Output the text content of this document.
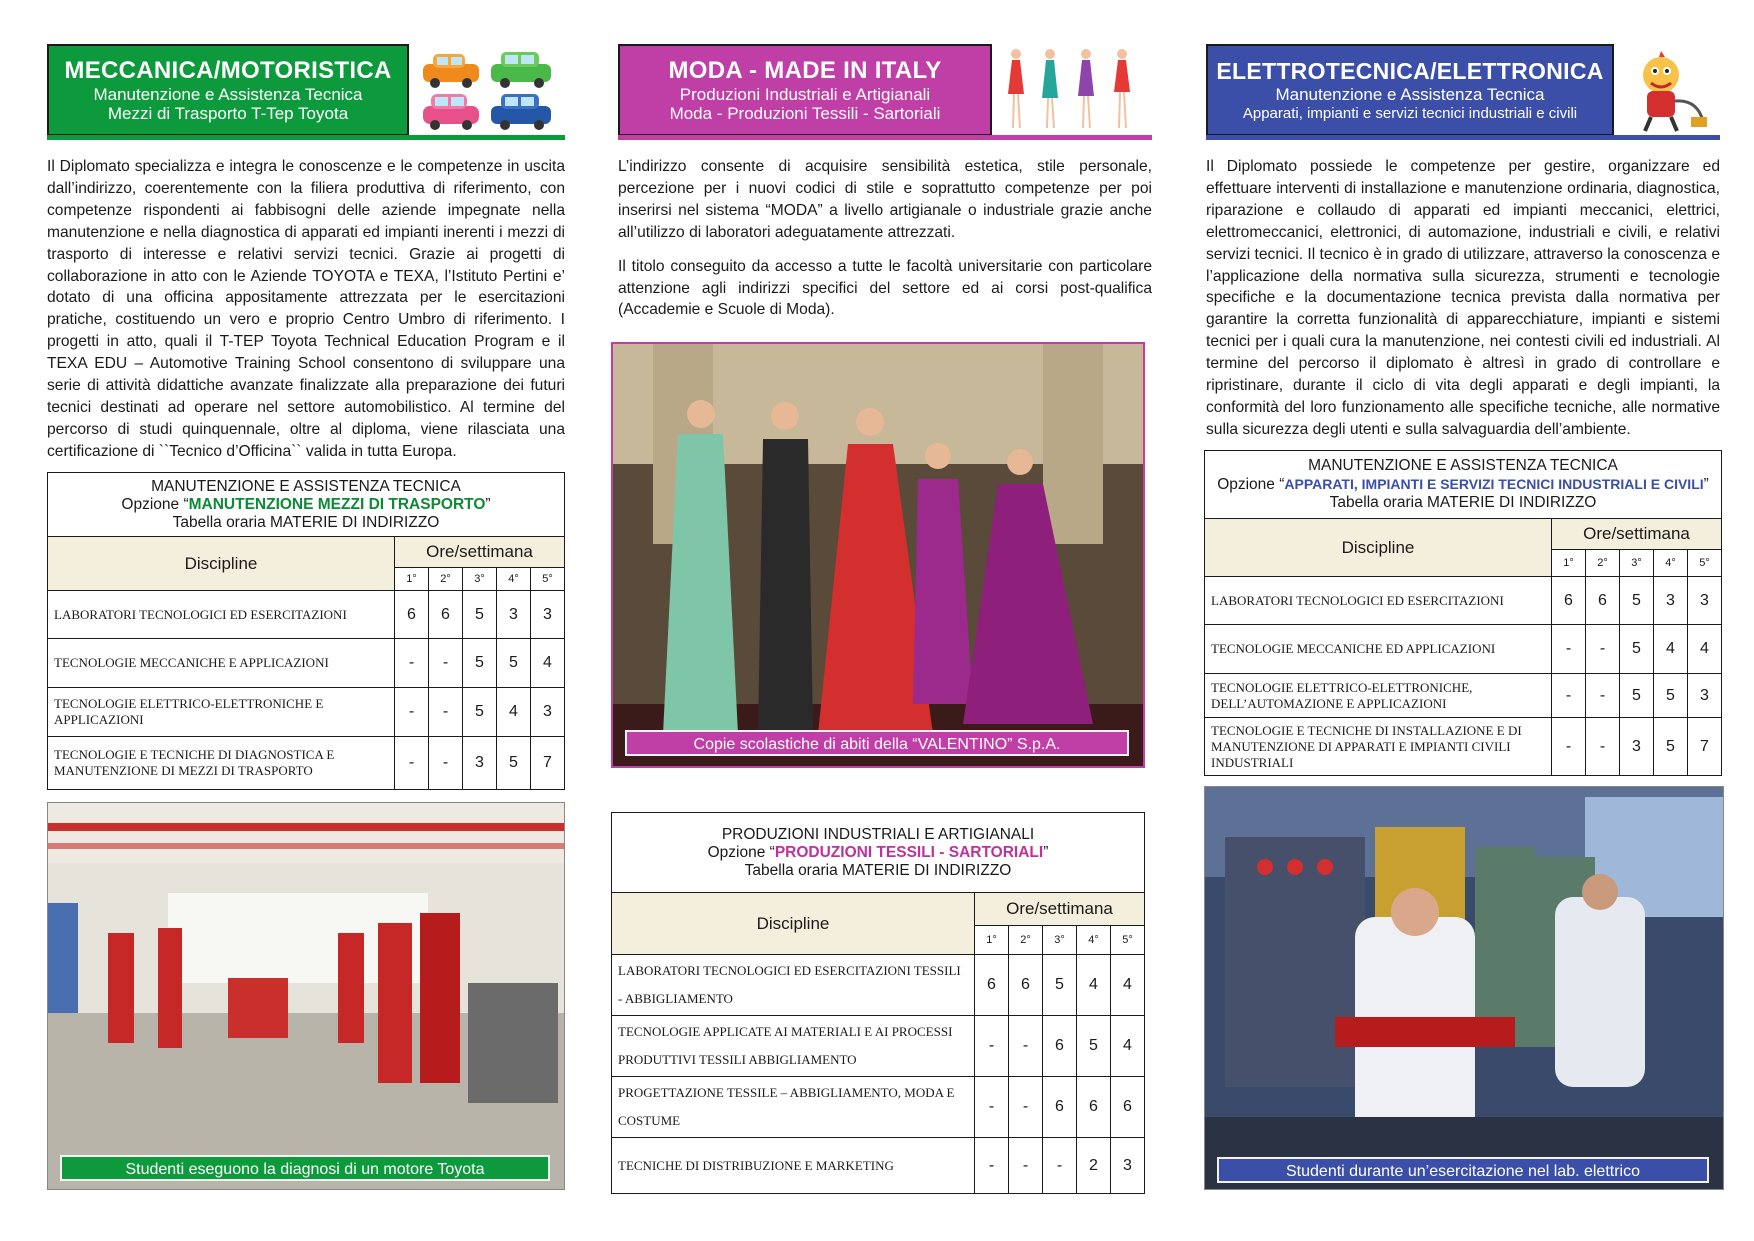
MECCANICA/MOTORISTICA
Manutenzione e Assistenza Tecnica
Mezzi di Trasporto T-Tep Toyota

Il Diplomato specializza e integra le conoscenze e le competenze in uscita dall’indirizzo, coerentemente con la filiera produttiva di riferimento, con competenze rispondenti ai fabbisogni delle aziende impegnate nella manutenzione e nella diagnostica di apparati ed impianti inerenti i mezzi di trasporto di interesse e relativi servizi tecnici. Grazie ai progetti di collaborazione in atto con le Aziende TOYOTA e TEXA, l’Istituto Pertini e’ dotato di una officina appositamente attrezzata per le esercitazioni pratiche, costituendo un vero e proprio Centro Umbro di riferimento. I progetti in atto, quali il T-TEP Toyota Technical Education Program e il TEXA EDU – Automotive Training School consentono di sviluppare una serie di attività didattiche avanzate finalizzate alla preparazione dei futuri tecnici destinati ad operare nel settore automobilistico. Al termine del percorso di studi quinquennale, oltre al diploma, viene rilasciata una certificazione di ``Tecnico d’Officina`` valida in tutta Europa.

MANUTENZIONE E ASSISTENZA TECNICA
Opzione “MANUTENZIONE MEZZI DI TRASPORTO”
Tabella oraria MATERIE DI INDIRIZZO					

Discipline	Ore/settimana				
	1°	2°	3°	4°	5°
LABORATORI TECNOLOGICI ED ESERCITAZIONI	6	6	5	3	3
TECNOLOGIE MECCANICHE E APPLICAZIONI	-	-	5	5	4
TECNOLOGIE ELETTRICO-ELETTRONICHE E APPLICAZIONI	-	-	5	4	3
TECNOLOGIE E TECNICHE DI DIAGNOSTICA E MANUTENZIONE DI MEZZI DI TRASPORTO	-	-	3	5	7
Studenti eseguono la diagnosi di un motore Toyota
MODA - MADE IN ITALY
Produzioni Industriali e Artigianali
Moda - Produzioni Tessili - Sartoriali

L’indirizzo consente di acquisire sensibilità estetica, stile personale, percezione per i nuovi codici di stile e soprattutto competenze per poi inserirsi nel sistema “MODA” a livello artigianale o industriale grazie anche all’utilizzo di laboratori adeguatamente attrezzati.

Il titolo conseguito da accesso a tutte le facoltà universitarie con particolare attenzione agli indirizzi specifici del settore ed ai corsi post-qualifica (Accademie e Scuole di Moda).

Copie scolastiche di abiti della “VALENTINO” S.p.A.
PRODUZIONI INDUSTRIALI E ARTIGIANALI
Opzione “PRODUZIONI TESSILI - SARTORIALI”
Tabella oraria MATERIE DI INDIRIZZO					

Discipline	Ore/settimana				
	1°	2°	3°	4°	5°
LABORATORI TECNOLOGICI ED ESERCITAZIONI TESSILI - ABBIGLIAMENTO	6	6	5	4	4
TECNOLOGIE APPLICATE AI MATERIALI E AI PROCESSI PRODUTTIVI TESSILI ABBIGLIAMENTO	-	-	6	5	4
PROGETTAZIONE TESSILE – ABBIGLIAMENTO, MODA E COSTUME	-	-	6	6	6
TECNICHE DI DISTRIBUZIONE E MARKETING	-	-	-	2	3
ELETTROTECNICA/ELETTRONICA
Manutenzione e Assistenza Tecnica
Apparati, impianti e servizi tecnici industriali e civili

Il Diplomato possiede le competenze per gestire, organizzare ed effettuare interventi di installazione e manutenzione ordinaria, diagnostica, riparazione e collaudo di apparati ed impianti meccanici, elettrici, elettromeccanici, elettronici, di automazione, industriali e civili, e relativi servizi tecnici. Il tecnico è in grado di utilizzare, attraverso la conoscenza e l’applicazione della normativa sulla sicurezza, strumenti e tecnologie specifiche e la documentazione tecnica prevista dalla normativa per garantire la corretta funzionalità di apparecchiature, impianti e sistemi tecnici per i quali cura la manutenzione, nei contesti civili ed industriali. Al termine del percorso il diplomato è altresì in grado di controllare e ripristinare, durante il ciclo di vita degli apparati e degli impianti, la conformità del loro funzionamento alle specifiche tecniche, alle normative sulla sicurezza degli utenti e sulla salvaguardia dell’ambiente.

MANUTENZIONE E ASSISTENZA TECNICA
Opzione “APPARATI, IMPIANTI E SERVIZI TECNICI INDUSTRIALI E CIVILI”
Tabella oraria MATERIE DI INDIRIZZO					

Discipline	Ore/settimana				
	1°	2°	3°	4°	5°
LABORATORI TECNOLOGICI ED ESERCITAZIONI	6	6	5	3	3
TECNOLOGIE MECCANICHE ED APPLICAZIONI	-	-	5	4	4
TECNOLOGIE ELETTRICO-ELETTRONICHE, DELL’AUTOMAZIONE E APPLICAZIONI	-	-	5	5	3
TECNOLOGIE E TECNICHE DI INSTALLAZIONE E DI MANUTENZIONE DI APPARATI E IMPIANTI CIVILI INDUSTRIALI	-	-	3	5	7
Studenti durante un’esercitazione nel lab. elettrico
